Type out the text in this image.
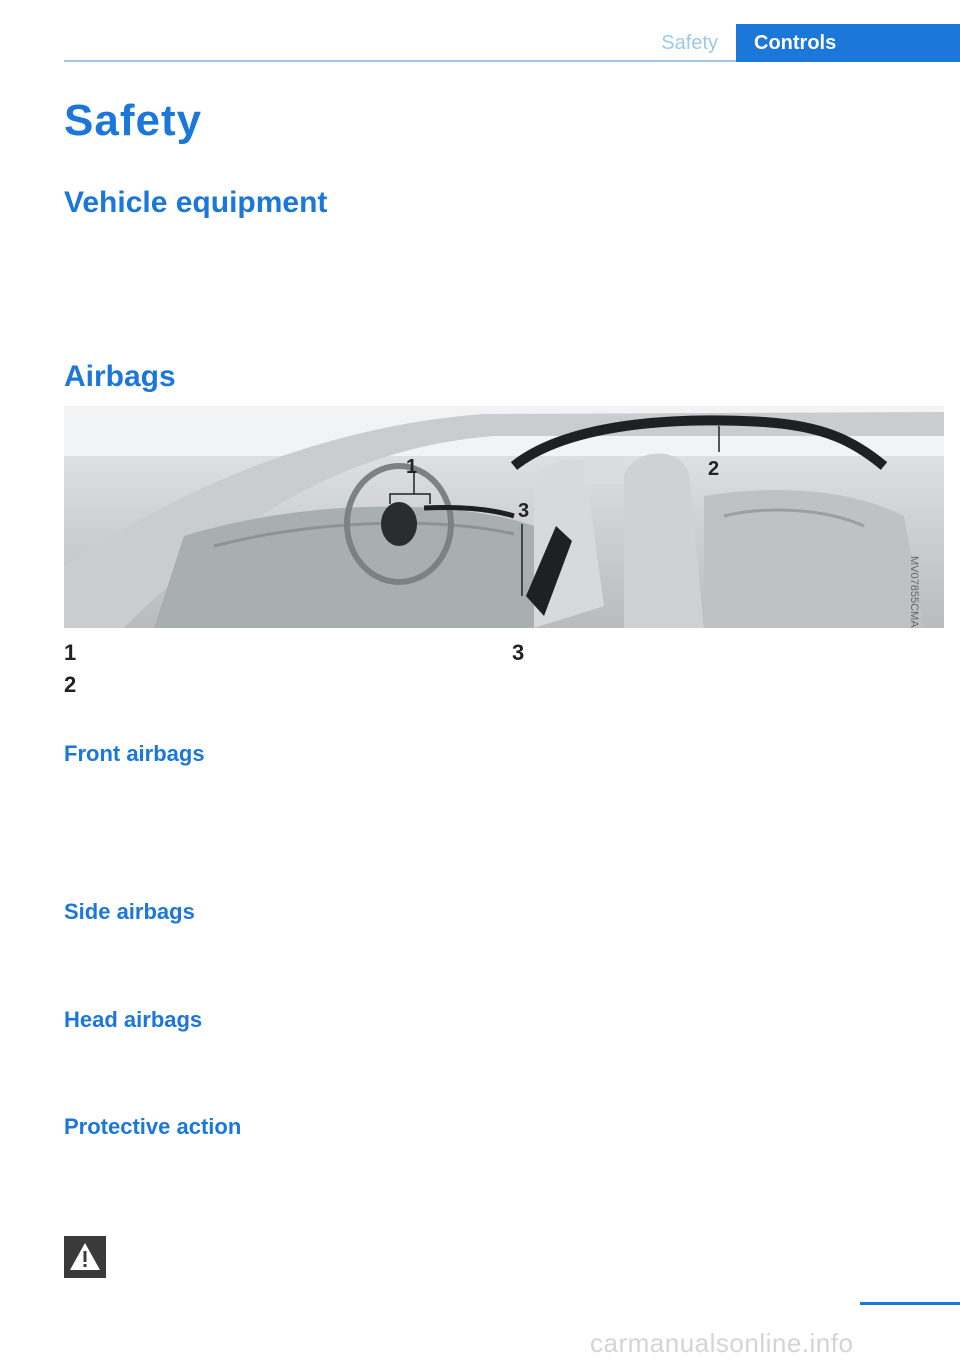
Safety	Controls
Safety
Vehicle equipment
Airbags
1	2
3
MV07855CMA
1
2
3
Front airbags
Side airbags
Head airbags
Protective action
carmanualsonline.info
